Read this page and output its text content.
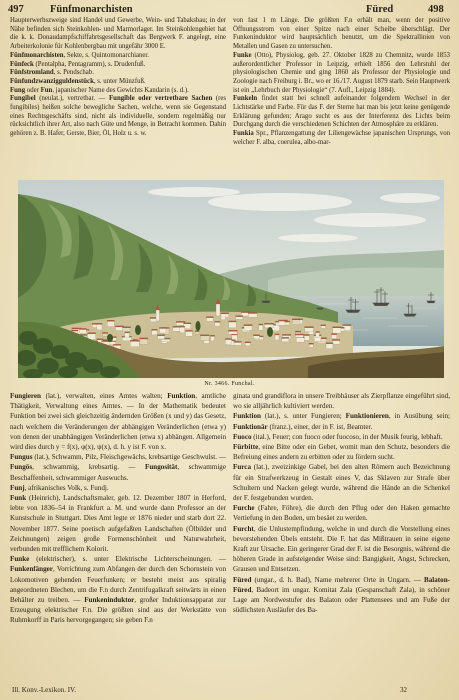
497	Fünfmonarchisten	Füred	498

Haupterwerbszweige sind Handel und Gewerbe, Wein- und Tabaksbau; in der Nähe befinden sich Steinkohlen- und Marmorlager. Im Steinkohlengebiet hat die k. k. Donaudampfschiffahrtsgesellschaft das Bergwerk F. angelegt, eine Arbeiterkolonie für Kohlenbergbau mit ungefähr 3000 E.

Fünfmonarchisten, Sekte, s. Quintomonarchianer.

Fünfeck (Pentalpha, Pentagramm), s. Drudenfuß.

Fünfstromland, s. Pendschab.

Fünfundzwanzigguldenstück, s. unter Münzfuß.

Fung oder Fun, japanischer Name des Gewichts Kandarin (s. d.).

Fungibel (neulat.), vertretbar. — Fungible oder vertretbare Sachen (res fungibiles) heißen solche bewegliche Sachen, welche, wenn sie Gegenstand eines Rechtsgeschäfts sind, nicht als individuelle, sondern regelmäßig nur rücksichtlich ihrer Art, also nach Güte und Menge, in Betracht kommen. Dahin gehören z. B. Hafer, Gerste, Bier, Öl, Holz u. s. w.

von fast 1 m Länge. Die größten F.n erhält man, wenn der positive Öffnungsstrom von einer Spitze nach einer Scheibe überschlägt. Der Funkeninduktor wird hauptsächlich benutzt, um die Spektrallinien von Metallen und Gasen zu untersuchen.

Funke (Otto), Physiolog, geb. 27. Oktober 1828 zu Chemnitz, wurde 1853 außerordentlicher Professor in Leipzig, erhielt 1856 den Lehrstuhl der physiologischen Chemie und ging 1860 als Professor der Physiologie und Zoologie nach Freiburg i. Br., wo er 16./17. August 1879 starb. Sein Hauptwerk ist ein „Lehrbuch der Physiologie“ (7. Aufl., Leipzig 1884).

Funkeln findet statt bei schnell aufeinander folgendem Wechsel in der Lichtstärke und Farbe. Für das F. der Sterne hat man bis jetzt keine genügende Erklärung gefunden; Arago sucht es aus der Interferenz des Lichts beim Durchgang durch die verschiedenen Schichten der Atmosphäre zu erklären.

Funkia Spr., Pflanzengattung der Liliengewächse japanischen Ursprungs, von welcher F. alba, coerulea, albo-mar-

Nr. 3466. Funchal.

Fungieren (lat.), verwalten, eines Amtes walten; Funktion, amtliche Thätigkeit, Verwaltung eines Amtes. — In der Mathematik bedeutet Funktion bei zwei sich gleichzeitig ändernden Größen (x und y) das Gesetz, nach welchem die Veränderungen der abhängigen Veränderlichen (etwa y) von denen der unabhängigen Veränderlichen (etwa x) abhängen. Allgemein wird dies durch y = f(x), φ(x), ψ(x), d. h. y ist F. von x.

Fungus (lat.), Schwamm, Pilz, Fleischgewächs, krebsartige Geschwulst. — Fungös, schwammig, krebsartig. — Fungosität, schwammige Beschaffenheit, schwammiger Auswuchs.

Funj, afrikanisches Volk, s. Fundj.

Funk (Heinrich), Landschaftsmaler, geb. 12. Dezember 1807 in Herford, lebte von 1836–54 in Frankfurt a. M. und wurde dann Professor an der Kunstschule in Stuttgart. Dies Amt legte er 1876 nieder und starb dort 22. November 1877. Seine poetisch aufgefaßten Landschaften (Ölbilder und Zeichnungen) zeigen große Formenschönheit und Naturwahrheit, verbunden mit trefflichem Kolorit.

Funke (elektrischer), s. unter Elektrische Lichterscheinungen. — Funkenfänger, Vorrichtung zum Abfangen der durch den Schornstein von Lokomotiven gehenden Feuerfunken; er besteht meist aus spiralig angeordneten Blechen, um die F.n durch Zentrifugalkraft seitwärts in einen Behälter zu treiben. — Funkeninduktor, großer Induktionsapparat zur Erzeugung elektrischer F.n. Die größten sind aus der Werkstätte von Ruhmkorff in Paris hervorgegangen; sie geben F.n

ginata und grandiflora in unsere Treibhäuser als Zierpflanze eingeführt sind, wo sie alljährlich kultiviert werden.

Funktion (lat.), s. unter Fungieren; Funktionieren, in Ausübung sein; Funktionär (franz.), einer, der in F. ist, Beamter.

Fuoco (ital.), Feuer; con fuoco oder fuocoso, in der Musik feurig, lebhaft.

Fürbitte, eine Bitte oder ein Gebet, womit man den Schutz, besonders die Befreiung eines andern zu erbitten oder zu fördern sucht.

Furca (lat.), zweizinkige Gabel, bei den alten Römern auch Bezeichnung für ein Strafwerkzeug in Gestalt eines V, das Sklaven zur Strafe über Schultern und Nacken gelegt wurde, während die Hände an die Schenkel der F. festgebunden wurden.

Furche (Fahre, Föhre), die durch den Pflug oder den Haken gemachte Vertiefung in den Boden, um besäet zu werden.

Furcht, die Unlustempfindung, welche in und durch die Vorstellung eines bevorstehenden Übels entsteht. Die F. hat das Mißtrauen in seine eigene Kraft zur Ursache. Ein geringerer Grad der F. ist die Besorgnis, während die höheren Grade in aufsteigender Weise sind: Bangigkeit, Angst, Schrecken, Grausen und Entsetzen.

Füred (ungar., d. h. Bad), Name mehrerer Orte in Ungarn. — Balaton-Füred, Badeort im ungar. Komitat Zala (Gespanschaft Zala), in schöner Lage am Nordwestufer des Balaton oder Plattensees und am Fuße der südlichsten Ausläufer des Ba-

Ill. Konv.-Lexikon. IV.	32
